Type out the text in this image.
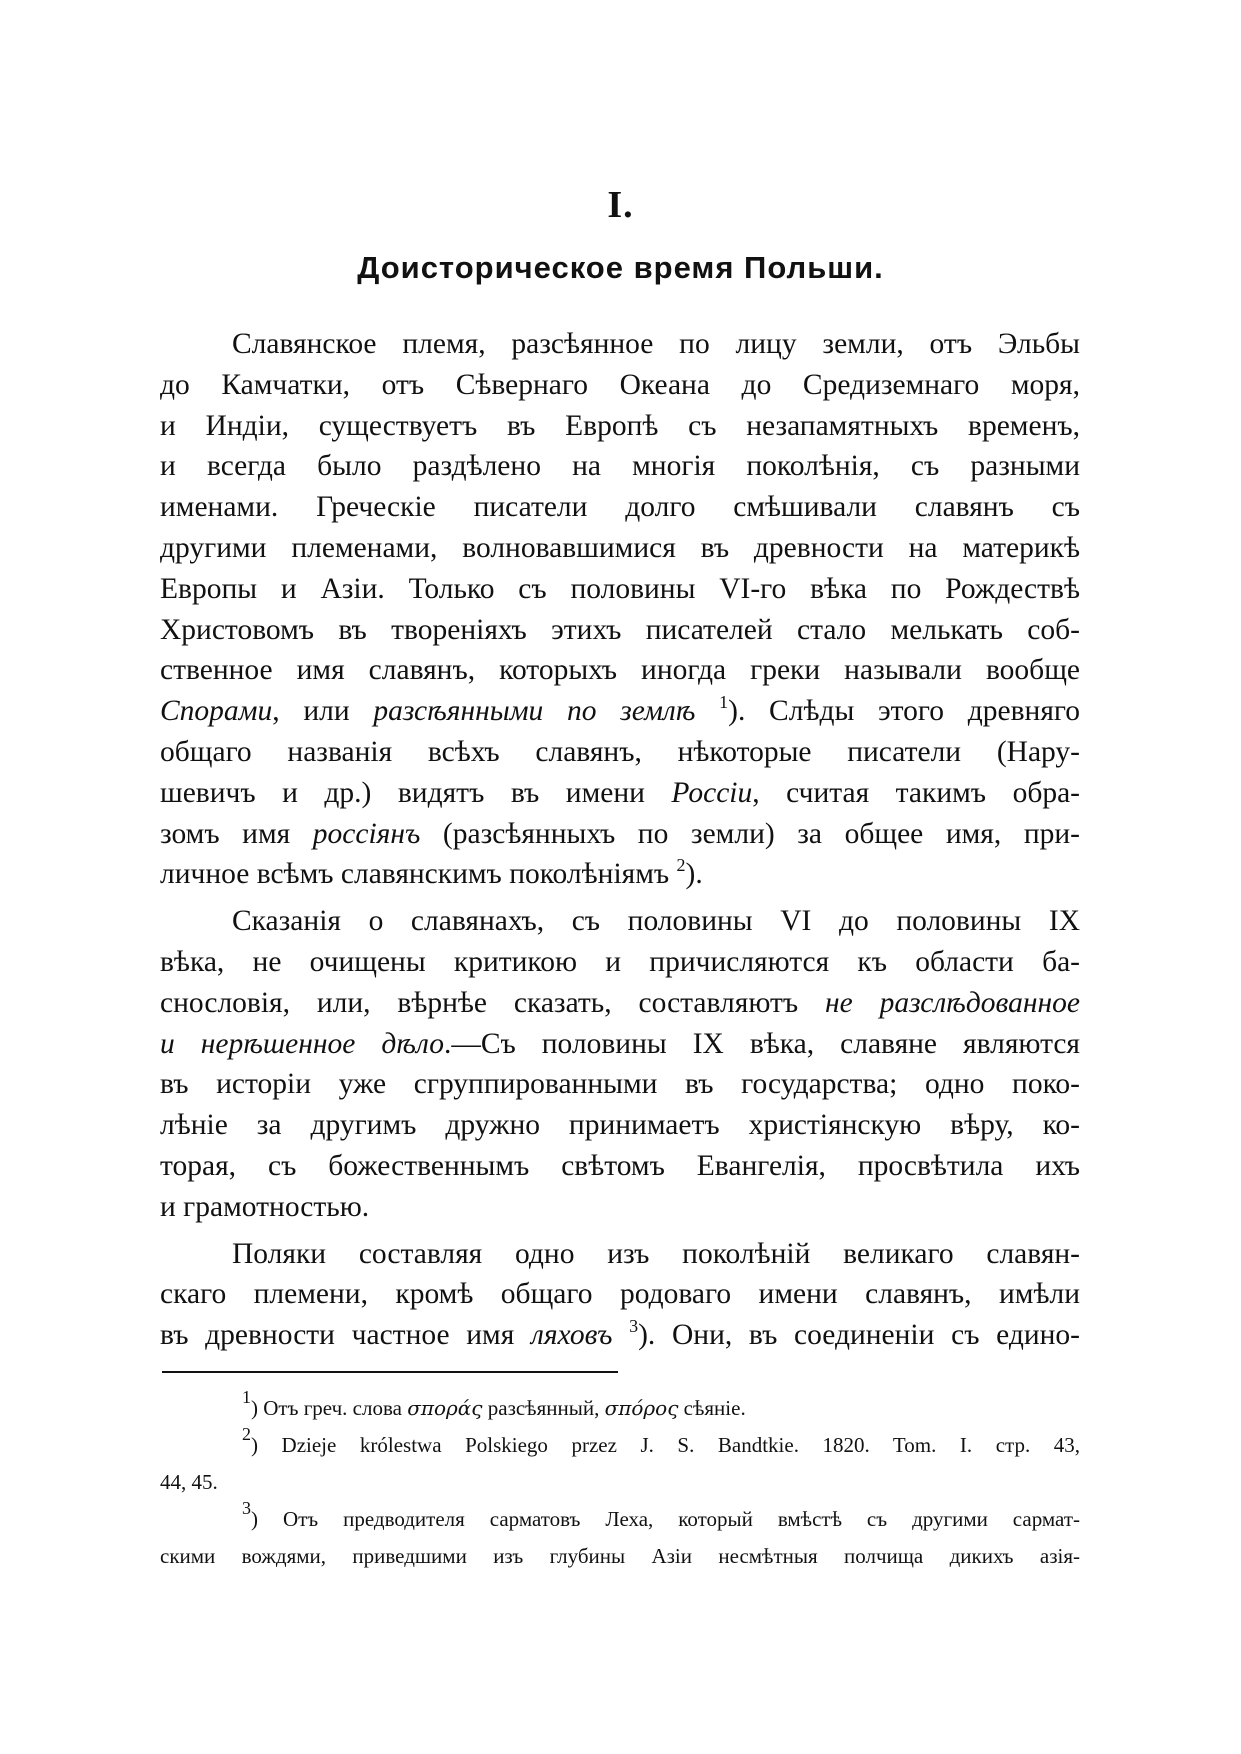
I.
Доисторическое время Польши.
Славянское племя, разсѣянное по лицу земли, отъ Эльбы
до Камчатки, отъ Сѣвернаго Океана до Средиземнаго моря,
и Индіи, существуетъ въ Европѣ съ незапамятныхъ временъ,
и всегда было раздѣлено на многія поколѣнія, съ разными
именами. Греческіе писатели долго смѣшивали славянъ съ
другими племенами, волновавшимися въ древности на материкѣ
Европы и Азіи. Только съ половины VI-го вѣка по Рождествѣ
Христовомъ въ твореніяхъ этихъ писателей стало мелькать соб-
ственное имя славянъ, которыхъ иногда греки называли вообще
Спорами, или разсѣянными по землѣ $^1$). Слѣды этого древняго
общаго названія всѣхъ славянъ, нѣкоторые писатели (Нару-
шевичъ и др.) видятъ въ имени Россіи, считая такимъ обра-
зомъ имя россіянъ (разсѣянныхъ по земли) за общее имя, при-
личное всѣмъ славянскимъ поколѣніямъ $^2$).
Сказанія о славянахъ, съ половины VI до половины IX
вѣка, не очищены критикою и причисляются къ области ба-
снословія, или, вѣрнѣе сказать, составляютъ не разслѣдованное
и нерѣшенное дѣло.—Съ половины IX вѣка, славяне являются
въ исторіи уже сгруппированными въ государства; одно поко-
лѣніе за другимъ дружно принимаетъ христіянскую вѣру, ко-
торая, съ божественнымъ свѣтомъ Евангелія, просвѣтила ихъ
и грамотностью.
Поляки составляя одно изъ поколѣній великаго славян-
скаго племени, кромѣ общаго родоваго имени славянъ, имѣли
въ древности частное имя ляховъ $^3$). Они, въ соединеніи съ едино-
$^1$) Отъ греч. слова σποράς разсѣянный, σπόρος сѣяніе.
$^2$) Dzieje królestwa Polskiego przez J. S. Bandtkie. 1820. Tom. I. стр. 43,
44, 45.
$^3$) Отъ предводителя сарматовъ Леха, который вмѣстѣ съ другими сармат-
скими вождями, приведшими изъ глубины Азіи несмѣтныя полчища дикихъ азія-
